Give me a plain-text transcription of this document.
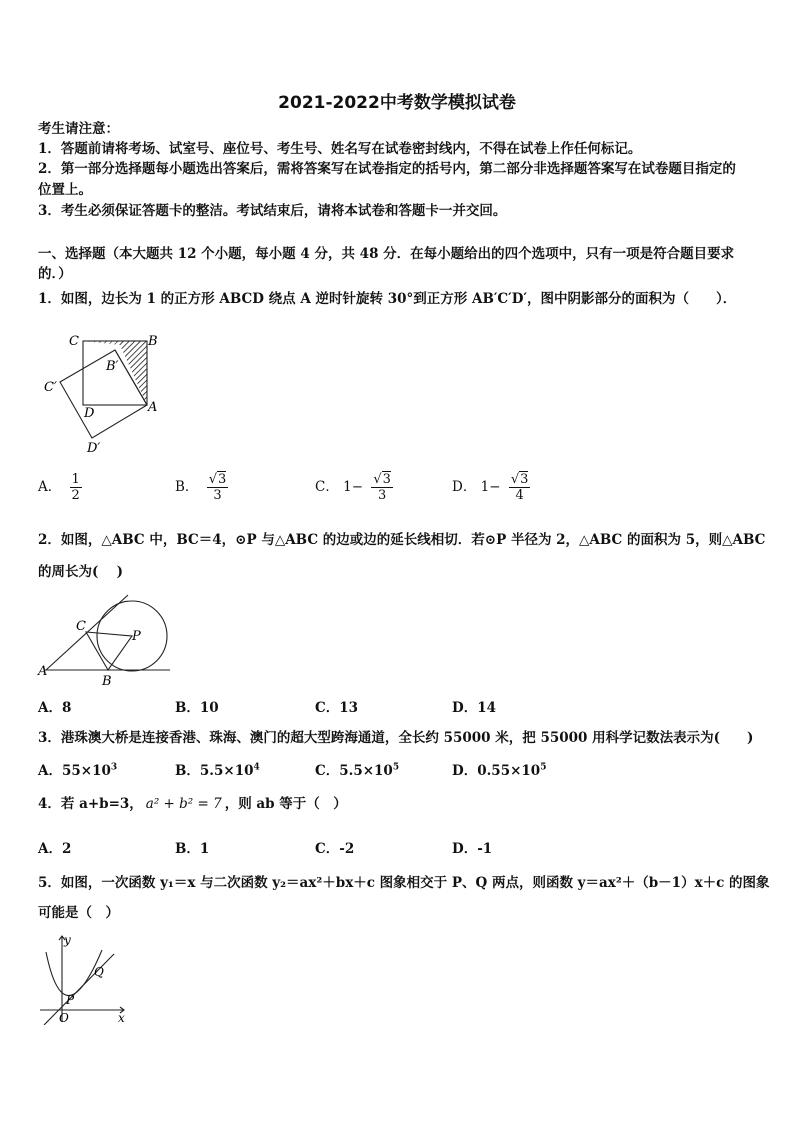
2021-2022中考数学模拟试卷
考生请注意：
1．答题前请将考场、试室号、座位号、考生号、姓名写在试卷密封线内，不得在试卷上作任何标记。
2．第一部分选择题每小题选出答案后，需将答案写在试卷指定的括号内，第二部分非选择题答案写在试卷题目指定的
位置上。
3．考生必须保证答题卡的整洁。考试结束后，请将本试卷和答题卡一并交回。
一、选择题（本大题共 12 个小题，每小题 4 分，共 48 分．在每小题给出的四个选项中，只有一项是符合题目要求
的．）
1．如图，边长为 1 的正方形 ABCD 绕点 A 逆时针旋转 30°到正方形 AB′C′D′，图中阴影部分的面积为（　　）．
C	B
B′
C′
D	A
D′
A． $\frac{1}{2}$	B． $\frac{√3}{3}$	C． $1- \frac{√3}{3}$	D． $1- \frac{√3}{4}$
2．如图，△ABC 中，BC＝4，⊙P 与△ABC 的边或边的延长线相切．若⊙P 半径为 2，△ABC 的面积为 5，则△ABC
的周长为(　 )
C
P
A
B
A．8	B．10	C．13	D．14
3．港珠澳大桥是连接香港、珠海、澳门的超大型跨海通道，全长约 55000 米，把 55000 用科学记数法表示为(　　)
A．$55\times 10^3$	B．$5.5\times 10^4$	C．$5.5\times 10^5$	D．$0.55\times 10^5$
4．若 a+b=3， a² + b² = 7 ，则 ab 等于（　）
A．2	B．1	C．-2	D．-1
5．如图，一次函数 y₁＝x 与二次函数 y₂＝ax²＋bx＋c 图象相交于 P、Q 两点，则函数 y＝ax²＋（b－1）x＋c 的图象
可能是（　）
y
x
O
P
Q
